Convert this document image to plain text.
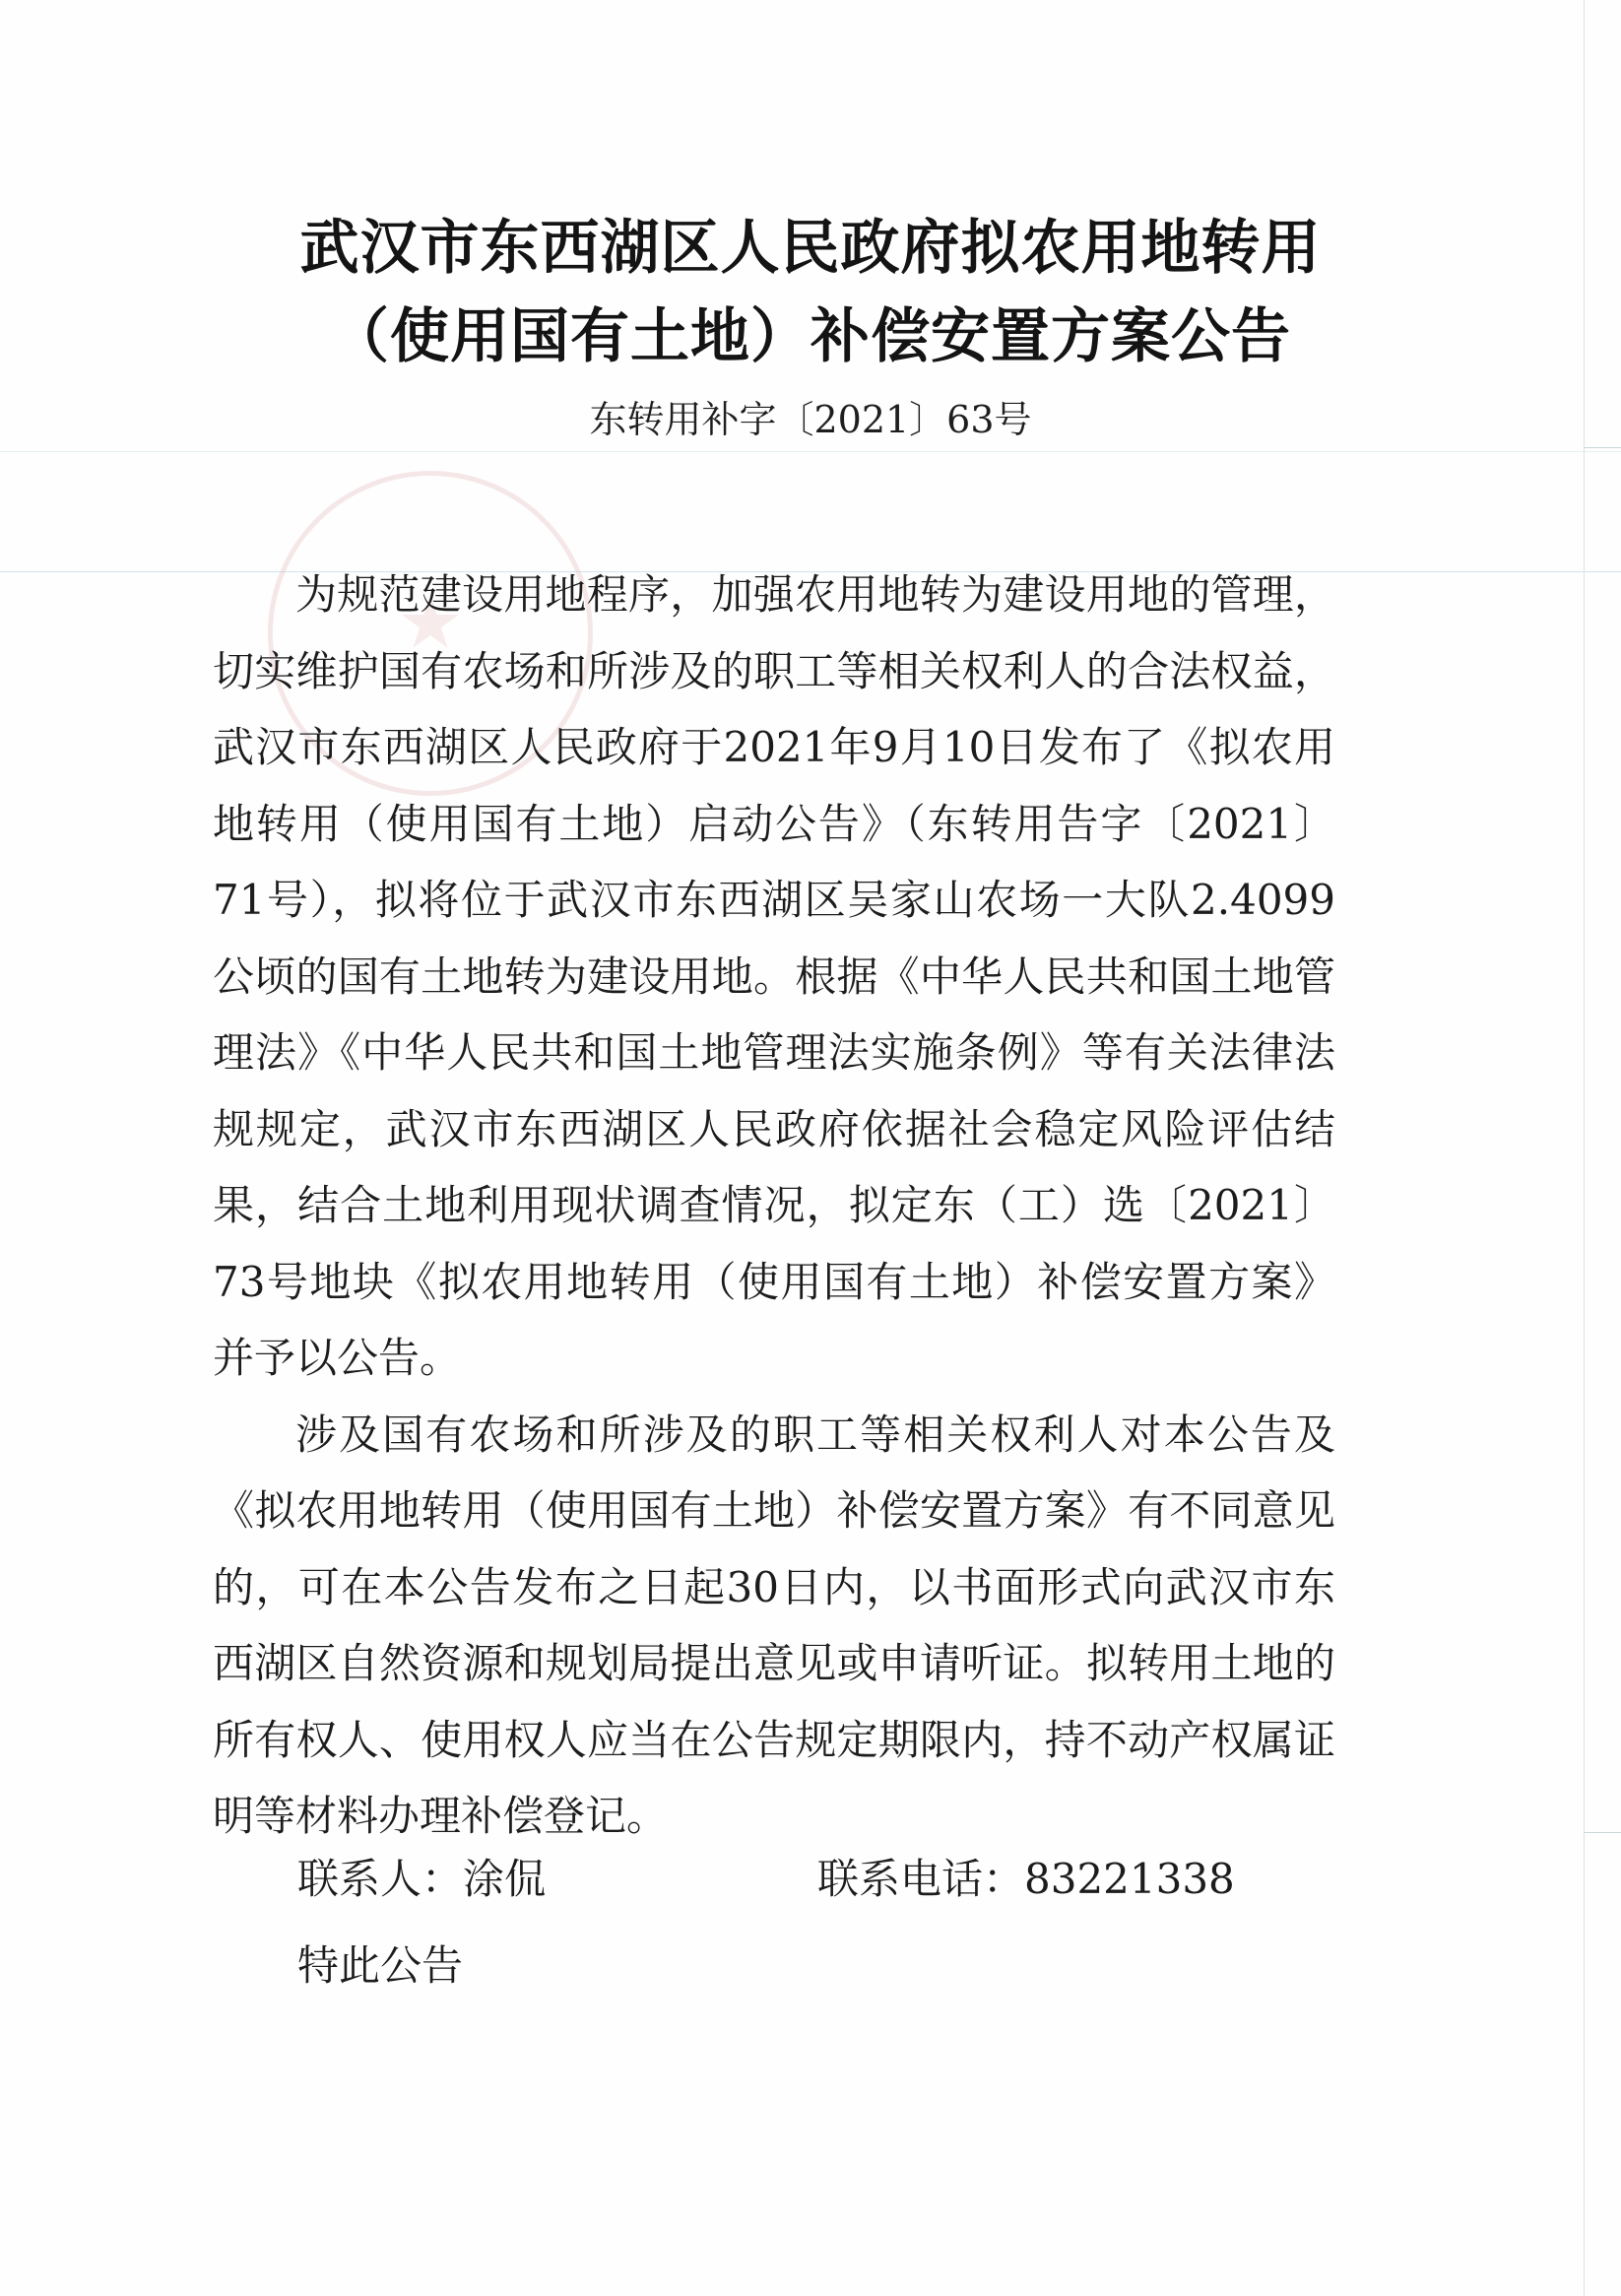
武汉市东西湖区人民政府拟农用地转用
（使用国有土地）补偿安置方案公告
东转用补字〔2021〕63号

为规范建设用地程序，加强农用地转为建设用地的管理，切实维护国有农场和所涉及的职工等相关权利人的合法权益，武汉市东西湖区人民政府于2021年9月10日发布了《拟农用地转用（使用国有土地）启动公告》（东转用告字〔2021〕71号），拟将位于武汉市东西湖区吴家山农场一大队2.4099公顷的国有土地转为建设用地。根据《中华人民共和国土地管理法》《中华人民共和国土地管理法实施条例》等有关法律法规规定，武汉市东西湖区人民政府依据社会稳定风险评估结果，结合土地利用现状调查情况，拟定东（工）选〔2021〕73号地块《拟农用地转用（使用国有土地）补偿安置方案》并予以公告。

涉及国有农场和所涉及的职工等相关权利人对本公告及《拟农用地转用（使用国有土地）补偿安置方案》有不同意见的，可在本公告发布之日起30日内，以书面形式向武汉市东西湖区自然资源和规划局提出意见或申请听证。拟转用土地的所有权人、使用权人应当在公告规定期限内，持不动产权属证明等材料办理补偿登记。

联系人：涂侃	联系电话：83221338
特此公告
